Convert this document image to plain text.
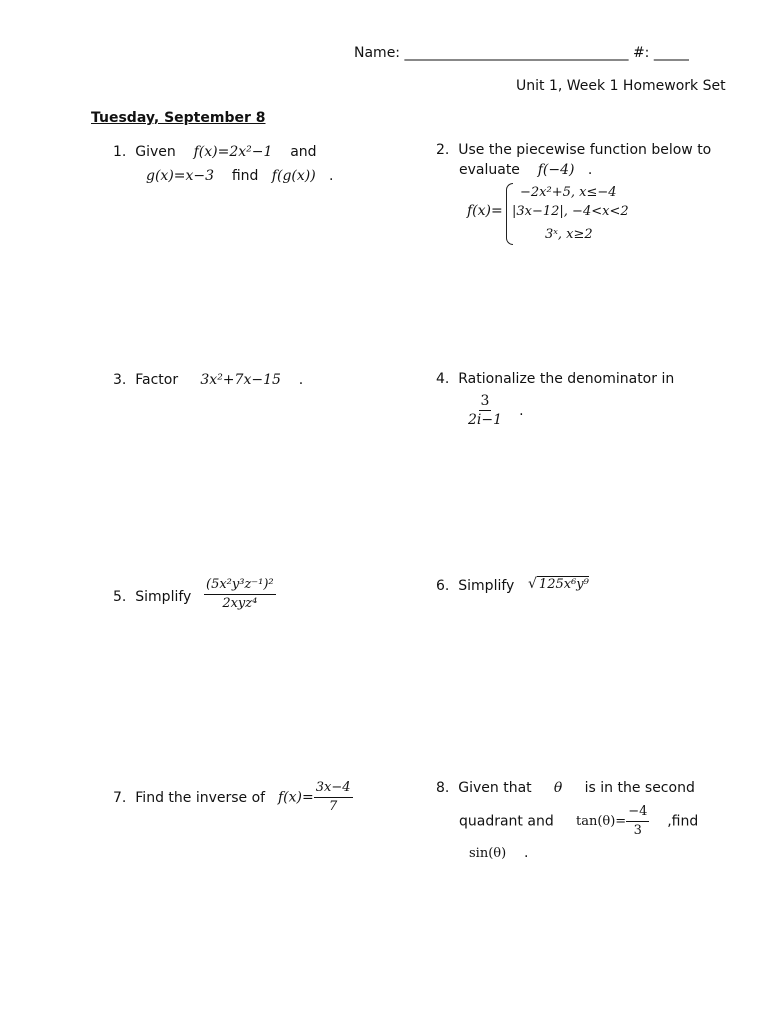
Name: ________________________________ #: _____
Unit 1, Week 1 Homework Set
Tuesday, September 8
1. Given f(x)=2x²−1 and
g(x)=x−3 find f(g(x)) .
2. Use the piecewise function below to
evaluate f(−4) .
f(x)=
−2x²+5, x≤−4
|3x−12|, −4<x<2
3ˣ, x≥2
3. Factor 3x²+7x−15 .	4. Rationalize the denominator in
$\frac{3}{2i-1}$ .
5. Simplify $\frac{\text{(5x²y³z⁻¹)²}}{\text{2xyz⁴}}$	6. Simplify √ 125x⁶y⁹
7. Find the inverse of $f(x)= \frac{3x-4}{7}$	8. Given that θ is in the second
quadrant and $\tan(\theta)= \frac{-4}{3}$ ,find
sin(θ) .
